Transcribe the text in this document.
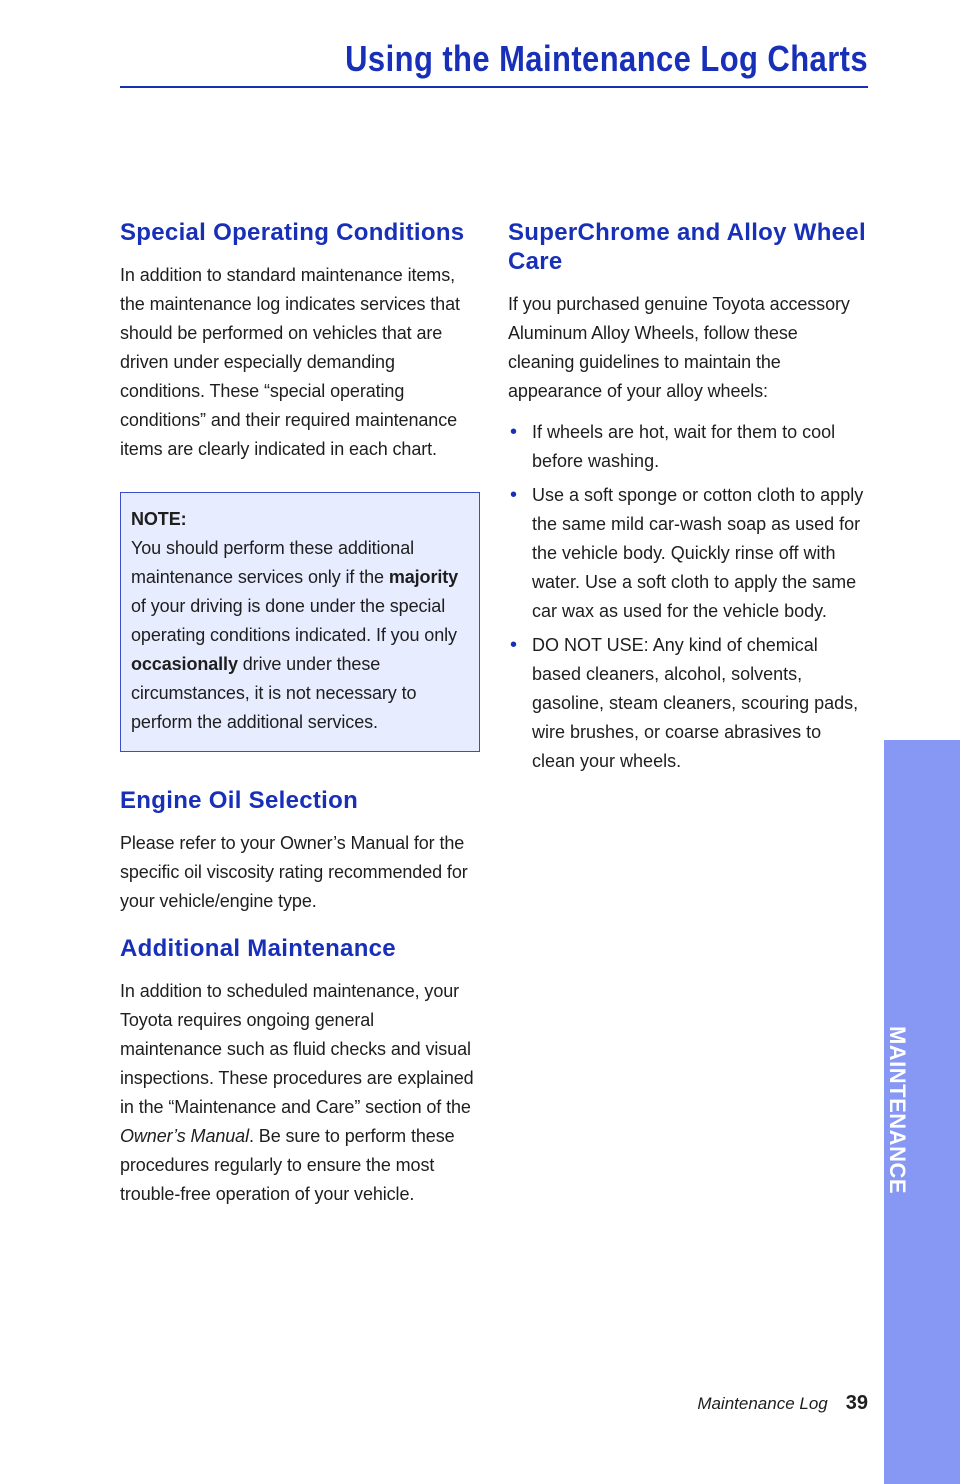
Using the Maintenance Log Charts
Special Operating Conditions

In addition to standard maintenance items, the maintenance log indicates services that should be performed on vehicles that are driven under especially demanding conditions. These “special operating conditions” and their required maintenance items are clearly indicated in each chart.

NOTE:
You should perform these additional maintenance services only if the majority of your driving is done under the special operating conditions indicated. If you only occasionally drive under these circumstances, it is not necessary to perform the additional services.

Engine Oil Selection

Please refer to your Owner’s Manual for the specific oil viscosity rating recommended for your vehicle/engine type.

Additional Maintenance

In addition to scheduled maintenance, your Toyota requires ongoing general maintenance such as fluid checks and visual inspections. These procedures are explained in the “Maintenance and Care” section of the Owner’s Manual. Be sure to perform these procedures regularly to ensure the most trouble-free operation of your vehicle.

SuperChrome and Alloy Wheel Care

If you purchased genuine Toyota accessory Aluminum Alloy Wheels, follow these cleaning guidelines to maintain the appearance of your alloy wheels:

• If wheels are hot, wait for them to cool before washing.
• Use a soft sponge or cotton cloth to apply the same mild car-wash soap as used for the vehicle body. Quickly rinse off with water. Use a soft cloth to apply the same car wax as used for the vehicle body.
• DO NOT USE: Any kind of chemical based cleaners, alcohol, solvents, gasoline, steam cleaners, scouring pads, wire brushes, or coarse abrasives to clean your wheels.
MAINTENANCE
Maintenance Log 39
